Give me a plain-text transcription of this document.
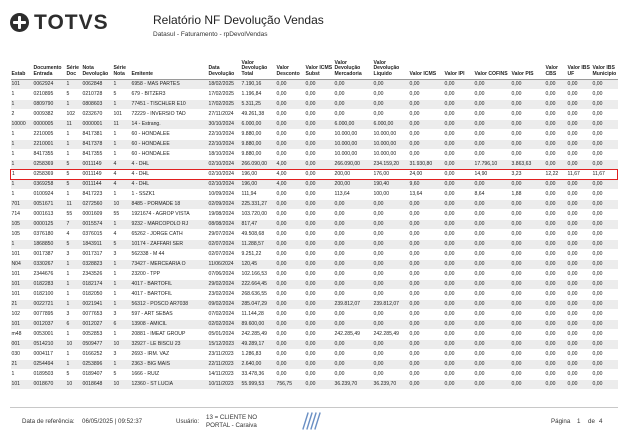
TOTVS	Relatório NF Devolução Vendas
Datasul - Faturamento - rpDevolVendas
Estab	Documento Entrada	Série Doc	Nota Devolução	Série Nota	Emitente	Data Devolução	Valor Devolução Total	Valor Desconto	Valor ICMS Subst	Valor Devolução Mercadoria	Valor Devolução Liquido	Valor ICMS	Valor IPI	Valor COFINS	Valor PIS	Valor CBS	Valor IBS UF	Valor IBS Municipio
101	0062924	1	0062848	1	6958 - MAS PARTES	18/02/2025	7.190,16	0,00	0,00	0,00	0,00	0,00	0,00	0,00	0,00	0,00	0,00	0,00
1	0210895	5	0210728	5	679 - BITZER3	17/02/2025	1.196,84	0,00	0,00	0,00	0,00	0,00	0,00	0,00	0,00	0,00	0,00	0,00
1	0809790	1	0808603	1	77451 - TISCHLER E10	17/02/2025	5.311,25	0,00	0,00	0,00	0,00	0,00	0,00	0,00	0,00	0,00	0,00	0,00
2	0009382	102	0232670	101	72229 - INVERSIO TAD	27/11/2024	49.261,38	0,00	0,00	0,00	0,00	0,00	0,00	0,00	0,00	0,00	0,00	0,00
10000	0000005	11	0000001	11	14 - Estrang.	30/10/2024	6.000,00	0,00	0,00	6.000,00	6.000,00	0,00	0,00	0,00	0,00	0,00	0,00	0,00
1	2210005	1	8417381	1	60 - HONDALEE	22/10/2024	9.880,00	0,00	0,00	10.000,00	10.000,00	0,00	0,00	0,00	0,00	0,00	0,00	0,00
1	2210001	1	8417378	1	60 - HONDALEE	22/10/2024	9.880,00	0,00	0,00	10.000,00	10.000,00	0,00	0,00	0,00	0,00	0,00	0,00	0,00
1	8417355	1	8417355	1	60 - HONDALEE	18/10/2024	9.880,00	0,00	0,00	10.000,00	10.000,00	0,00	0,00	0,00	0,00	0,00	0,00	0,00
1	0258369	5	0011149	4	4 - DHL	02/10/2024	266.090,00	4,00	0,00	266.090,00	234.159,20	31.930,80	0,00	17.796,10	3.863,63	0,00	0,00	0,00
1	0258369	5	0011149	4	4 - DHL	02/10/2024	196,00	4,00	0,00	200,00	176,00	24,00	0,00	14,90	3,23	12,22	11,67	11,67
1	0369258	5	0011144	4	4 - DHL	02/10/2024	196,00	4,00	0,00	200,00	190,40	9,60	0,00	0,00	0,00	0,00	0,00	0,00
1	0100924	1	8417223	1	1 - SSZK1	10/09/2024	111,94	0,00	0,00	113,64	100,00	13,64	0,00	8,64	1,88	0,00	0,00	0,00
701	0051671	11	0272560	10	8485 - PORMADE 18	02/09/2024	225.331,27	0,00	0,00	0,00	0,00	0,00	0,00	0,00	0,00	0,00	0,00	0,00
714	0001613	55	0001609	55	1921674 - AGROP VISTA	19/08/2024	103.720,00	0,00	0,00	0,00	0,00	0,00	0,00	0,00	0,00	0,00	0,00	0,00
105	0000125	7	0015574	1	9232 - MARCOPOLO RJ	08/08/2024	817,47	0,00	0,00	0,00	0,00	0,00	0,00	0,00	0,00	0,00	0,00	0,00
105	0376180	4	0376015	4	65262 - JORGE CATH	29/07/2024	49.508,68	0,00	0,00	0,00	0,00	0,00	0,00	0,00	0,00	0,00	0,00	0,00
1	1868850	5	1843911	5	10174 - ZAFFARI SER	02/07/2024	11.288,57	0,00	0,00	0,00	0,00	0,00	0,00	0,00	0,00	0,00	0,00	0,00
101	0017387	3	0017317	3	562338 - M 44	02/07/2024	9.251,22	0,00	0,00	0,00	0,00	0,00	0,00	0,00	0,00	0,00	0,00	0,00
N04	0330267	1	0328823	1	73427 - MERCEARIA O	11/06/2024	120,45	0,00	0,00	0,00	0,00	0,00	0,00	0,00	0,00	0,00	0,00	0,00
101	2344676	1	2343526	1	23200 - TPP	07/06/2024	102.166,53	0,00	0,00	0,00	0,00	0,00	0,00	0,00	0,00	0,00	0,00	0,00
101	0182283	1	0182174	1	4017 - BARTOFIL	29/02/2024	222.664,45	0,00	0,00	0,00	0,00	0,00	0,00	0,00	0,00	0,00	0,00	0,00
101	0182100	1	0182050	1	4017 - BARTOFIL	23/02/2024	268.636,55	0,00	0,00	0,00	0,00	0,00	0,00	0,00	0,00	0,00	0,00	0,00
21	0022721	1	0021941	1	56312 - POSCO AR7038	09/02/2024	285.047,29	0,00	0,00	239.812,07	239.812,07	0,00	0,00	0,00	0,00	0,00	0,00	0,00
102	0077895	3	0077653	3	597 - ART SEBAS	07/02/2024	11.144,28	0,00	0,00	0,00	0,00	0,00	0,00	0,00	0,00	0,00	0,00	0,00
101	0012037	6	0012027	6	13908 - AMICIL	02/02/2024	89.600,00	0,00	0,00	0,00	0,00	0,00	0,00	0,00	0,00	0,00	0,00	0,00
m48	0053001	1	0052853	1	20881 - IMEAT GROUP	05/01/2024	242.285,49	0,00	0,00	242.285,49	242.285,49	0,00	0,00	0,00	0,00	0,00	0,00	0,00
001	0514210	10	0509477	10	32927 - LE BISCU 23	15/12/2023	49.289,17	0,00	0,00	0,00	0,00	0,00	0,00	0,00	0,00	0,00	0,00	0,00
030	0004117	1	0166252	3	2693 - IRM. VAZ	23/11/2023	1.286,83	0,00	0,00	0,00	0,00	0,00	0,00	0,00	0,00	0,00	0,00	0,00
21	0254494	1	0253896	1	2363 - BIG MAIS	22/11/2023	2.640,00	0,00	0,00	0,00	0,00	0,00	0,00	0,00	0,00	0,00	0,00	0,00
1	0189503	5	0189407	5	1666 - RUIZ	14/11/2023	33.478,36	0,00	0,00	0,00	0,00	0,00	0,00	0,00	0,00	0,00	0,00	0,00
101	0018670	10	0018648	10	12360 - ST LUCIA	10/11/2023	55.999,53	756,75	0,00	36.239,70	36.239,70	0,00	0,00	0,00	0,00	0,00	0,00	0,00
Data de referência: 06/05/2025 | 09:52:37	Usuário:
13 = CLIENTE NO
PORTAL - Caraiva
Página 1 de 4
